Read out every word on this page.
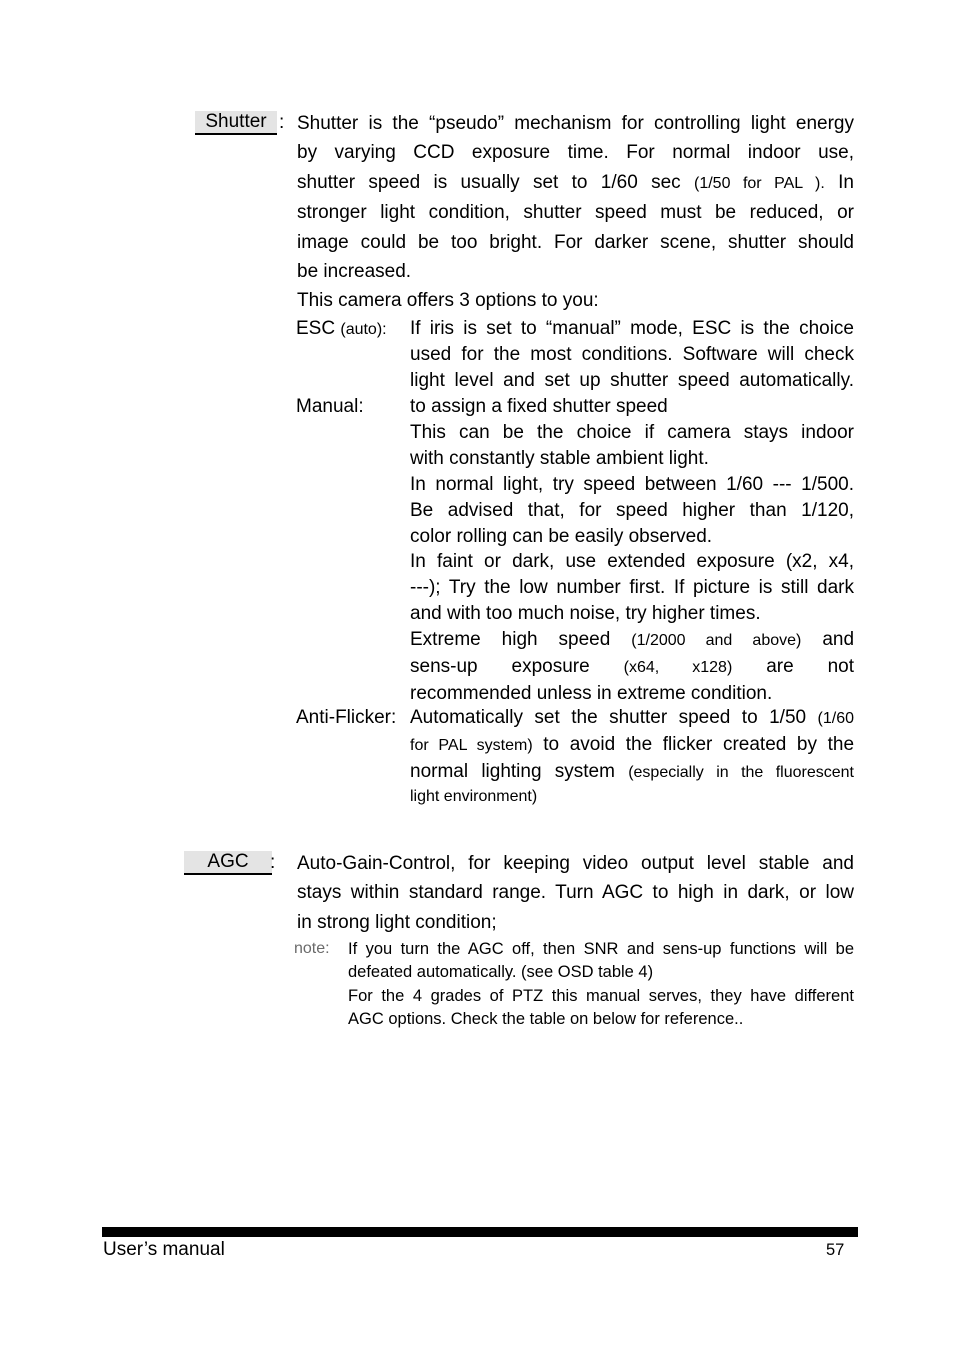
Shutter : Shutter is the “pseudo” mechanism for controlling light energy
by varying CCD exposure time. For normal indoor use,
shutter speed is usually set to 1/60 sec (1/50 for PAL ). In
stronger light condition, shutter speed must be reduced, or
image could be too bright. For darker scene, shutter should
be increased.
This camera offers 3 options to you:
ESC (auto): If iris is set to “manual” mode, ESC is the choice
used for the most conditions. Software will check
light level and set up shutter speed automatically.
Manual: to assign a fixed shutter speed
This can be the choice if camera stays indoor
with constantly stable ambient light.
In normal light, try speed between 1/60 --- 1/500.
Be advised that, for speed higher than 1/120,
color rolling can be easily observed.
In faint or dark, use extended exposure (x2, x4,
---); Try the low number first. If picture is still dark
and with too much noise, try higher times.
Extreme high speed (1/2000 and above) and
sens-up exposure (x64, x128) are not
recommended unless in extreme condition.
Anti-Flicker: Automatically set the shutter speed to 1/50 (1/60
for PAL system) to avoid the flicker created by the
normal lighting system (especially in the fluorescent
light environment)
AGC	: Auto-Gain-Control, for keeping video output level stable and
stays within standard range. Turn AGC to high in dark, or low
in strong light condition;
note: If you turn the AGC off, then SNR and sens-up functions will be
defeated automatically. (see OSD table 4)
For the 4 grades of PTZ this manual serves, they have different
AGC options. Check the table on below for reference..
User’s manual	57
